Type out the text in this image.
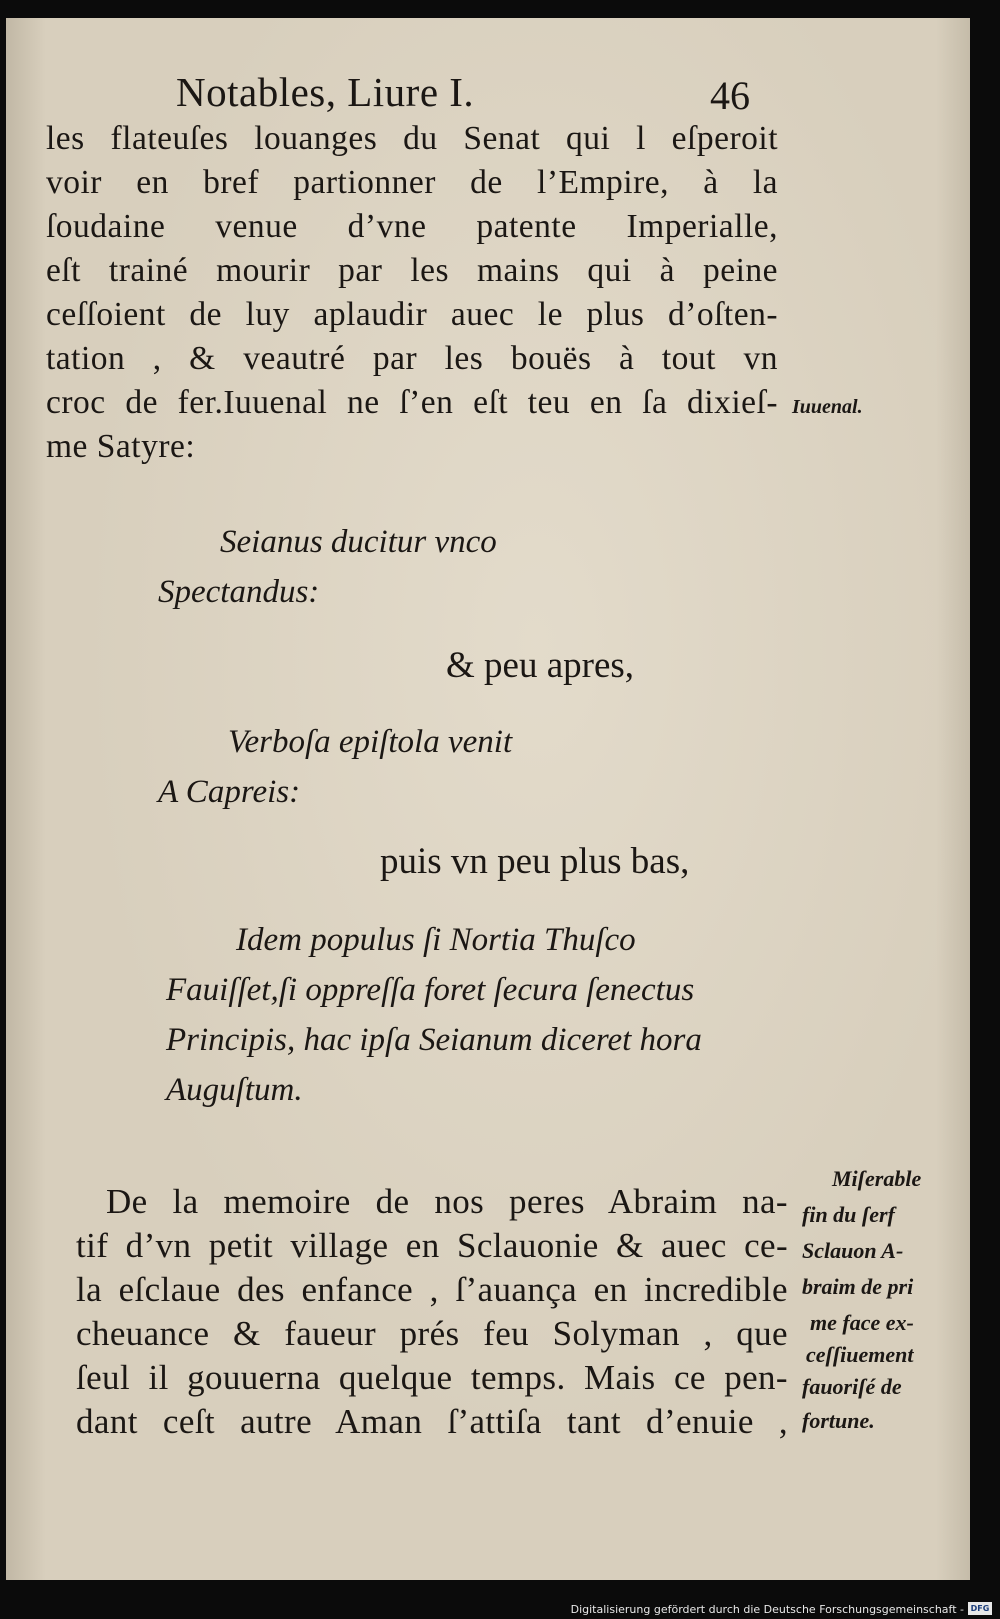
Notables, Liure I.	46
les flateuſes louanges du Senat qui l eſperoit
voir en bref partionner de l’Empire, à la
ſoudaine venue d’vne patente Imperialle,
eſt trainé mourir par les mains qui à peine
ceſſoient de luy aplaudir auec le plus d’oſten-
tation , & veautré par les bouës à tout vn
croc de fer.Iuuenal ne ſ’en eſt teu en ſa dixieſ-
me Satyre:
Iuuenal.
Seianus ducitur vnco
Spectandus:
& peu apres,
Verboſa epiſtola venit
A Capreis:
puis vn peu plus bas,
Idem populus ſi Nortia Thuſco
Fauiſſet,ſi oppreſſa foret ſecura ſenectus
Principis, hac ipſa Seianum diceret hora
Auguſtum.
De la memoire de nos peres Abraim na-
tif d’vn petit village en Sclauonie & auec ce-
la eſclaue des enfance , ſ’auança en incredible
cheuance & faueur prés feu Solyman , que
ſeul il gouuerna quelque temps. Mais ce pen-
dant ceſt autre Aman ſ’attiſa tant d’enuie ,
Miſerable
fin du ſerf
Sclauon A-
braim de pri
me face ex-
ceſſiuement
fauoriſé de
fortune.
Digitalisierung gefördert durch die Deutsche Forschungsgemeinschaft - DFG
